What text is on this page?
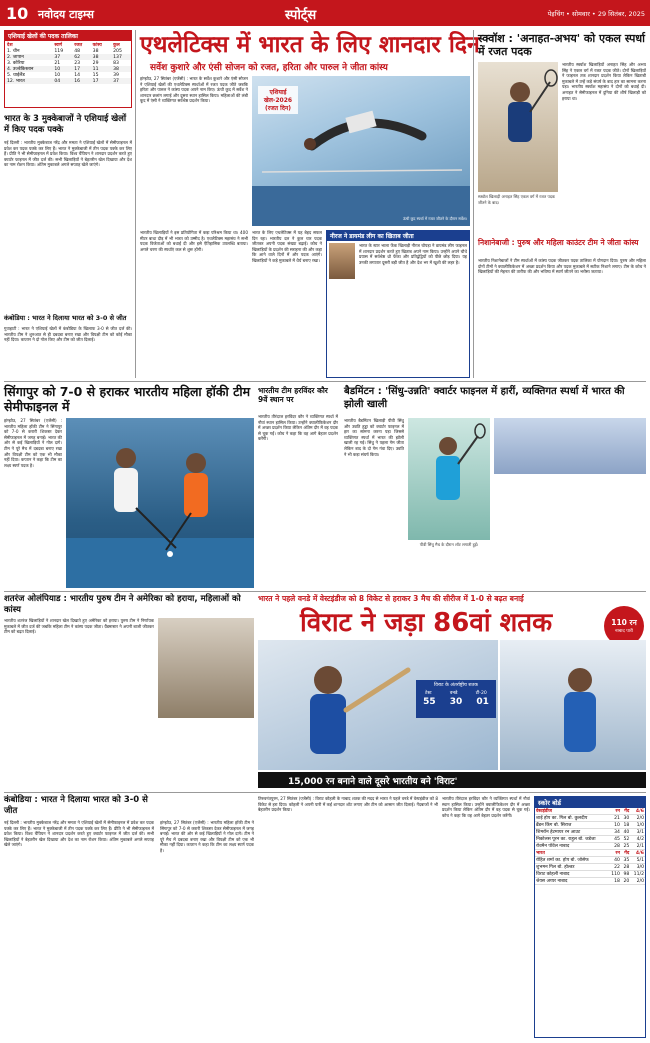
10 नवोदय टाइम्स	स्पोर्ट्स	पेइचिंग • सोमवार • 29 सितंबर, 2025
एशियाई खेलों की पदक तालिका
देश	स्वर्ण	रजत	कांस्य	कुल
1. चीन	119	48	38	205
2. जापान	37	62	38	137
3. कोरिया	21	23	29	83
4. उज्बेकिस्तान	10	17	11	38
5. थाईलैंड	10	14	15	39
12. भारत	04	16	17	37
भारत के 3 मुक्केबाजों ने एशियाई खेलों में किए पदक पक्के
नई दिल्ली : भारतीय मुक्केबाज नरेंद्र और ममता ने एशियाई खेलों में सेमीफाइनल में प्रवेश कर पदक पक्के कर लिए हैं। भारत ने मुक्केबाजी में तीन पदक पक्के कर लिए हैं। प्रीति ने भी सेमीफाइनल में प्रवेश किया। विश्व चैंपियन ने शानदार प्रदर्शन करते हुए क्वार्टर फाइनल में जीत दर्ज की। सभी खिलाड़ियों ने बेहतरीन खेल दिखाया और देश का नाम रोशन किया। अंतिम मुकाबले अगले सप्ताह खेले जाएंगे।
कंबोडिया : भारत ने दिलाया भारत को 3-0 से जीत
गुवाहाटी : भारत ने एशियाई खेलों में कंबोडिया के खिलाफ 3-0 से जीत दर्ज की। भारतीय टीम ने शुरुआत से ही दबदबा बनाए रखा और विपक्षी टीम को कोई मौका नहीं दिया। कप्तान ने दो गोल किए और टीम को जीत दिलाई।
एथलेटिक्स में भारत के लिए शानदार दिन
सर्वेश कुशारे और एंसी सोजन को रजत, हरिता और पारुल ने जीता कांस्य
हांग्झोउ, 27 सितंबर (एजेंसी) : भारत के सर्वेश कुशारे और एंसी सोजन ने एशियाई खेलों की एथलेटिक्स स्पर्धाओं में रजत पदक जीते जबकि हरिता और पारुल ने कांस्य पदक अपने नाम किए। ऊंची कूद में सर्वेश ने शानदार छलांग लगाई और दूसरा स्थान हासिल किया। महिलाओं की लंबी कूद में एंसी ने व्यक्तिगत सर्वश्रेष्ठ प्रदर्शन किया।
एशियाई खेल-2026 (रजत दिन)
ऊंची कूद स्पर्धा में रजत जीतने के दौरान सर्वेश।
भारत के लिए एथलेटिक्स में यह बेहद सफल दिन रहा। भारतीय दल ने कुल चार पदक जीतकर अपनी पदक संख्या बढ़ाई। कोच ने खिलाड़ियों के प्रदर्शन की सराहना की और कहा कि आने वाले दिनों में और पदक आएंगे। खिलाड़ियों ने कड़े मुकाबले में धैर्य बनाए रखा।
भारतीय खिलाड़ियों ने इस प्रतियोगिता में कड़ा परिश्रम किया था। 400 मीटर बाधा दौड़ में भी भारत को उम्मीद है। एथलेटिक्स महासंघ ने सभी पदक विजेताओं को बधाई दी और इसे ऐतिहासिक उपलब्धि बताया। अगले चरण की स्पर्धाएं कल से शुरू होंगी।
नीरज ने डायमंड लीग का खिताब जीता
भारत के स्टार भाला फेंक खिलाड़ी नीरज चोपड़ा ने डायमंड लीग फाइनल में शानदार प्रदर्शन करते हुए खिताब अपने नाम किया। उन्होंने अपने चौथे प्रयास में सर्वश्रेष्ठ थ्रो फेंका और प्रतिद्वंद्वियों को पीछे छोड़ दिया। यह उनकी लगातार दूसरी बड़ी जीत है और देश भर में खुशी की लहर है।
स्क्वॉश : 'अनाहत-अभय' को एकल स्पर्धा में रजत पदक
भारतीय स्क्वॉश खिलाड़ियों अनाहत सिंह और अभय सिंह ने एकल वर्ग में रजत पदक जीते। दोनों खिलाड़ियों ने फाइनल तक शानदार प्रदर्शन किया लेकिन खिताबी मुकाबले में उन्हें कड़े संघर्ष के बाद हार का सामना करना पड़ा। भारतीय स्क्वॉश महासंघ ने दोनों को बधाई दी। अनाहत ने सेमीफाइनल में दुनिया की शीर्ष खिलाड़ी को हराया था।
स्क्वॉश खिलाड़ी अनाहत सिंह एकल वर्ग में रजत पदक जीतने के बाद।
निशानेबाजी : पुरुष और महिला काउंटर टीम ने जीता कांस्य
भारतीय निशानेबाजों ने टीम स्पर्धाओं में कांस्य पदक जीतकर पदक तालिका में योगदान दिया। पुरुष और महिला दोनों टीमों ने क्वालीफिकेशन में अच्छा प्रदर्शन किया और पदक मुकाबले में सटीक निशाने लगाए। टीम के कोच ने खिलाड़ियों की मेहनत की तारीफ की और भविष्य में स्वर्ण जीतने का भरोसा जताया।
सिंगापुर को 7-0 से हराकर भारतीय महिला हॉकी टीम सेमीफाइनल में
हांग्झोउ, 27 सितंबर (एजेंसी) : भारतीय महिला हॉकी टीम ने सिंगापुर को 7-0 से करारी शिकस्त देकर सेमीफाइनल में जगह बनाई। भारत की ओर से कई खिलाड़ियों ने गोल दागे। टीम ने पूरे मैच में दबदबा बनाए रखा और विपक्षी टीम को एक भी मौका नहीं दिया। कप्तान ने कहा कि टीम का लक्ष्य स्वर्ण पदक है।
भारतीय टीम हरविंदर कौर 9वें स्थान पर
भारतीय तीरंदाज हरविंदर कौर ने व्यक्तिगत स्पर्धा में नौवां स्थान हासिल किया। उन्होंने क्वालीफिकेशन दौर में अच्छा प्रदर्शन किया लेकिन अंतिम दौर में वह पदक से चूक गईं। कोच ने कहा कि वह आगे बेहतर प्रदर्शन करेंगी।
बैडमिंटन : 'सिंधु-उन्नति' क्वार्टर फाइनल में हारीं, व्यक्तिगत स्पर्धा में भारत की झोली खाली
भारतीय बैडमिंटन खिलाड़ी पीवी सिंधु और उन्नति हुड्डा को क्वार्टर फाइनल में हार का सामना करना पड़ा जिससे व्यक्तिगत स्पर्धा में भारत की झोली खाली रह गई। सिंधु ने पहला गेम जीता लेकिन बाद के दो गेम गंवा दिए। उन्नति ने भी कड़ा संघर्ष किया।
पीवी सिंधु मैच के दौरान शॉट लगाती हुईं।
शतरंज ओलंपियाड : भारतीय पुरुष टीम ने अमेरिका को हराया, महिलाओं को कांस्य
भारतीय शतरंज खिलाड़ियों ने शानदार खेल दिखाते हुए अमेरिका को हराया। पुरुष टीम ने निर्णायक मुकाबले में जीत दर्ज की जबकि महिला टीम ने कांस्य पदक जीता। ग्रैंडमास्टर ने अपनी बाजी जीतकर टीम को बढ़त दिलाई।
भारत ने पहले वनडे में वेस्टइंडीज को 8 विकेट से हराकर 3 मैच की सीरीज में 1-0 से बढ़त बनाई
विराट ने जड़ा 86वां शतक	110 रन
नाबाद पारी
विराट के अंतर्राष्ट्रीय शतक
टेस्ट	वनडे	टी-20
55 30 01
15,000 रन बनाने वाले दूसरे भारतीय बने 'विराट'
कंबोडिया : भारत ने दिलाया भारत को 3-0 से जीत
नई दिल्ली : भारतीय मुक्केबाज नरेंद्र और ममता ने एशियाई खेलों में सेमीफाइनल में प्रवेश कर पदक पक्के कर लिए हैं। भारत ने मुक्केबाजी में तीन पदक पक्के कर लिए हैं। प्रीति ने भी सेमीफाइनल में प्रवेश किया। विश्व चैंपियन ने शानदार प्रदर्शन करते हुए क्वार्टर फाइनल में जीत दर्ज की। सभी खिलाड़ियों ने बेहतरीन खेल दिखाया और देश का नाम रोशन किया। अंतिम मुकाबले अगले सप्ताह खेले जाएंगे।
हांग्झोउ, 27 सितंबर (एजेंसी) : भारतीय महिला हॉकी टीम ने सिंगापुर को 7-0 से करारी शिकस्त देकर सेमीफाइनल में जगह बनाई। भारत की ओर से कई खिलाड़ियों ने गोल दागे। टीम ने पूरे मैच में दबदबा बनाए रखा और विपक्षी टीम को एक भी मौका नहीं दिया। कप्तान ने कहा कि टीम का लक्ष्य स्वर्ण पदक है।
तिरुवनंतपुरम, 27 सितंबर (एजेंसी) : विराट कोहली के नाबाद शतक की मदद से भारत ने पहले वनडे में वेस्टइंडीज को 8 विकेट से हरा दिया। कोहली ने अपनी पारी में कई शानदार शॉट लगाए और टीम को आसान जीत दिलाई। गेंदबाजों ने भी बेहतरीन प्रदर्शन किया।
भारतीय तीरंदाज हरविंदर कौर ने व्यक्तिगत स्पर्धा में नौवां स्थान हासिल किया। उन्होंने क्वालीफिकेशन दौर में अच्छा प्रदर्शन किया लेकिन अंतिम दौर में वह पदक से चूक गईं। कोच ने कहा कि वह आगे बेहतर प्रदर्शन करेंगी।
स्कोर बोर्ड
वेस्टइंडीज	रन	गेंद	4/6
शाई होप का. गिल बो. कुलदीप	21	30	2/0
ब्रैंडन किंग बो. सिराज	10	18	1/0
शिमरॉन हेटमायर रन आउट	34	40	3/1
निकोलस पूरन का. राहुल बो. जडेजा	45	52	4/2
रोवमैन पॉवेल नाबाद	28	25	2/1
भारत	रन	गेंद	4/6
रोहित शर्मा का. होप बो. जोसेफ	40	35	5/1
शुभमन गिल बो. होल्डर	22	28	3/0
विराट कोहली नाबाद	110	98	11/2
श्रेयस अय्यर नाबाद	18	20	2/0
